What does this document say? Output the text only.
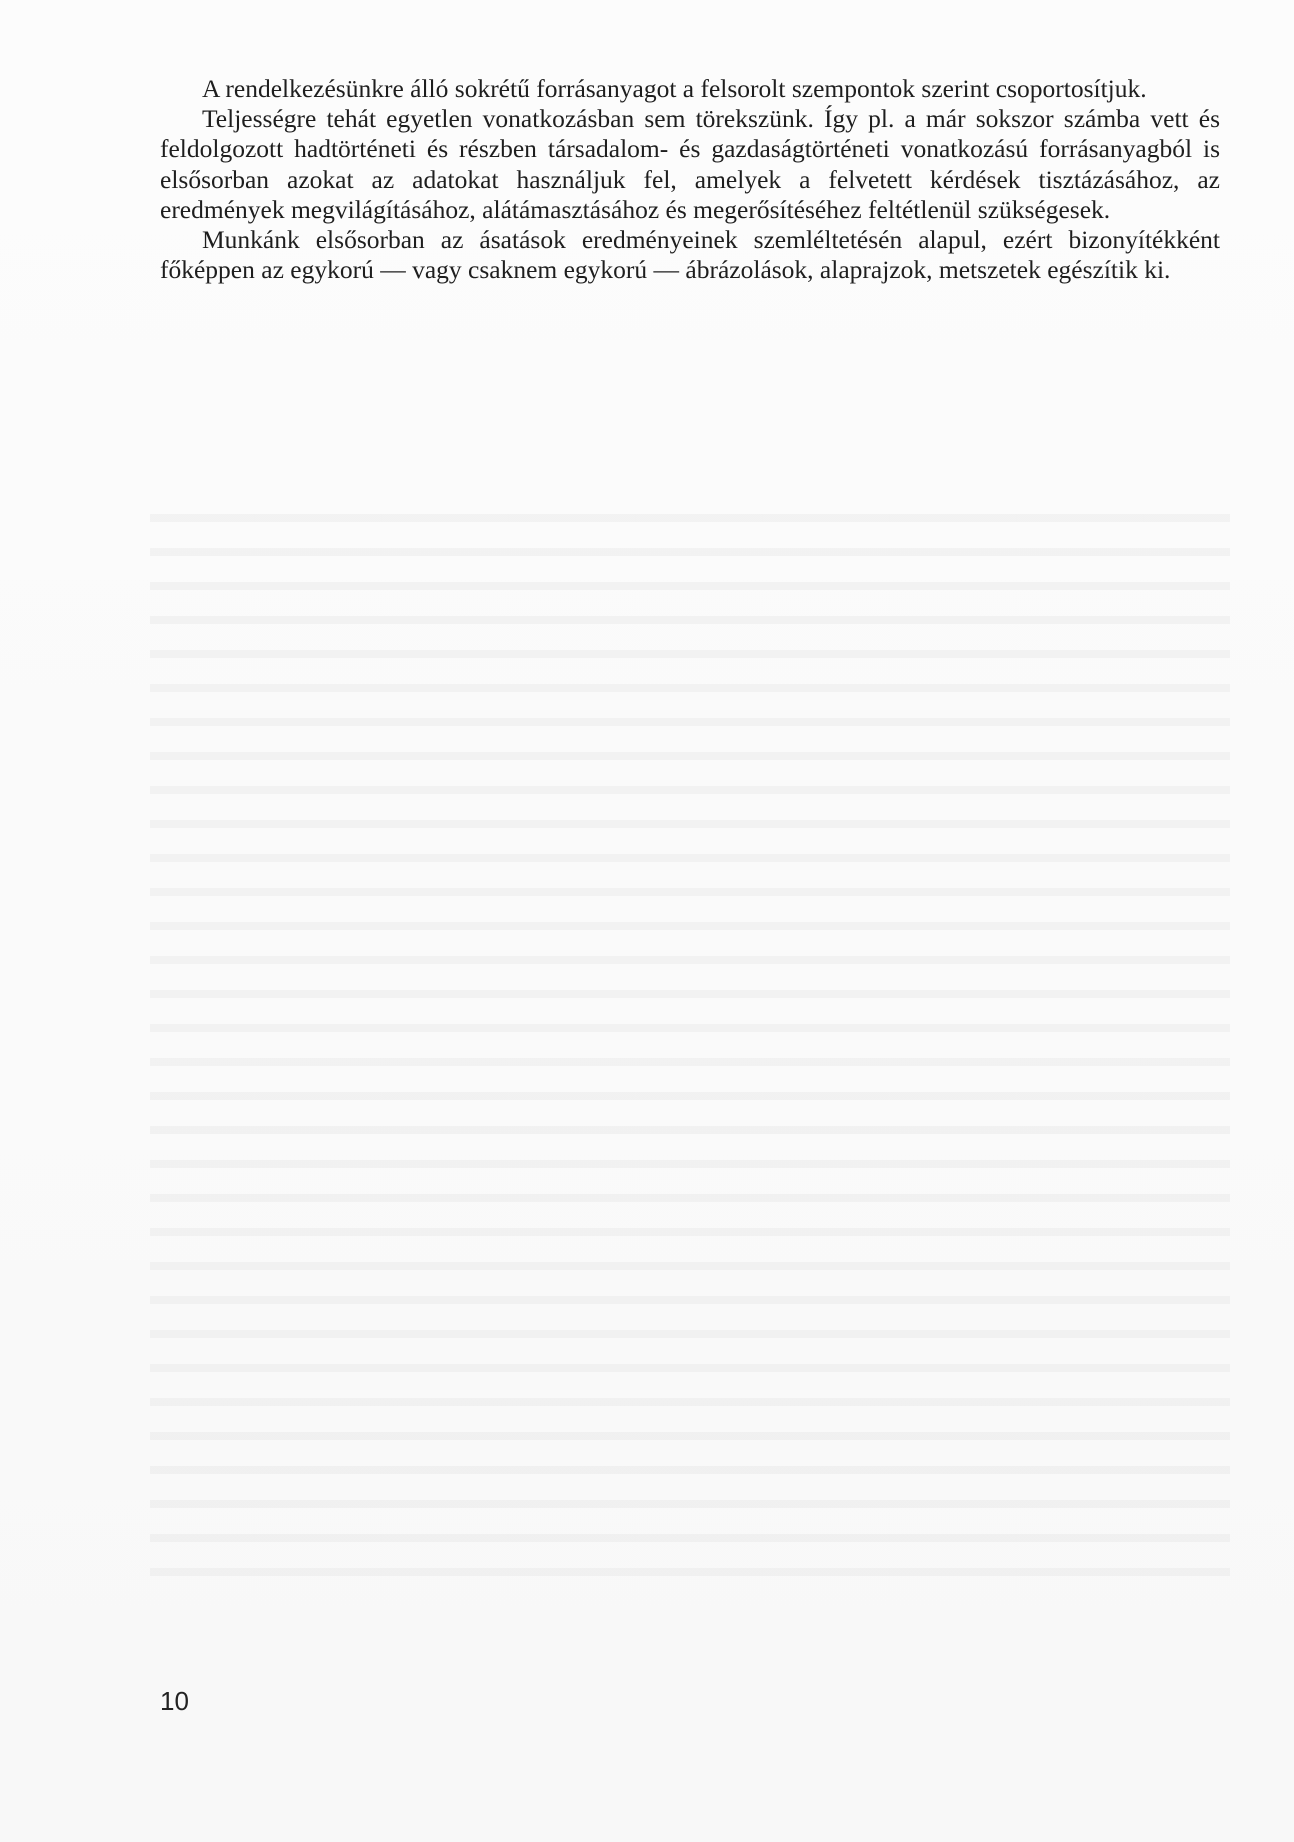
A rendelkezésünkre álló sokrétű forrásanyagot a felsorolt szempontok szerint csoportosítjuk.

Teljességre tehát egyetlen vonatkozásban sem törekszünk. Így pl. a már sokszor számba vett és feldolgozott hadtörténeti és részben társadalom- és gazdaságtörténeti vonatkozású forrásanyagból is elsősorban azokat az adatokat használjuk fel, amelyek a felvetett kérdések tisztázásához, az eredmények megvilágításához, alátámasztásához és megerősítéséhez feltétlenül szükségesek.

Munkánk elsősorban az ásatások eredményeinek szemléltetésén alapul, ezért bizonyítékként főképpen az egykorú — vagy csaknem egykorú — ábrázolások, alaprajzok, metszetek egészítik ki.

10
